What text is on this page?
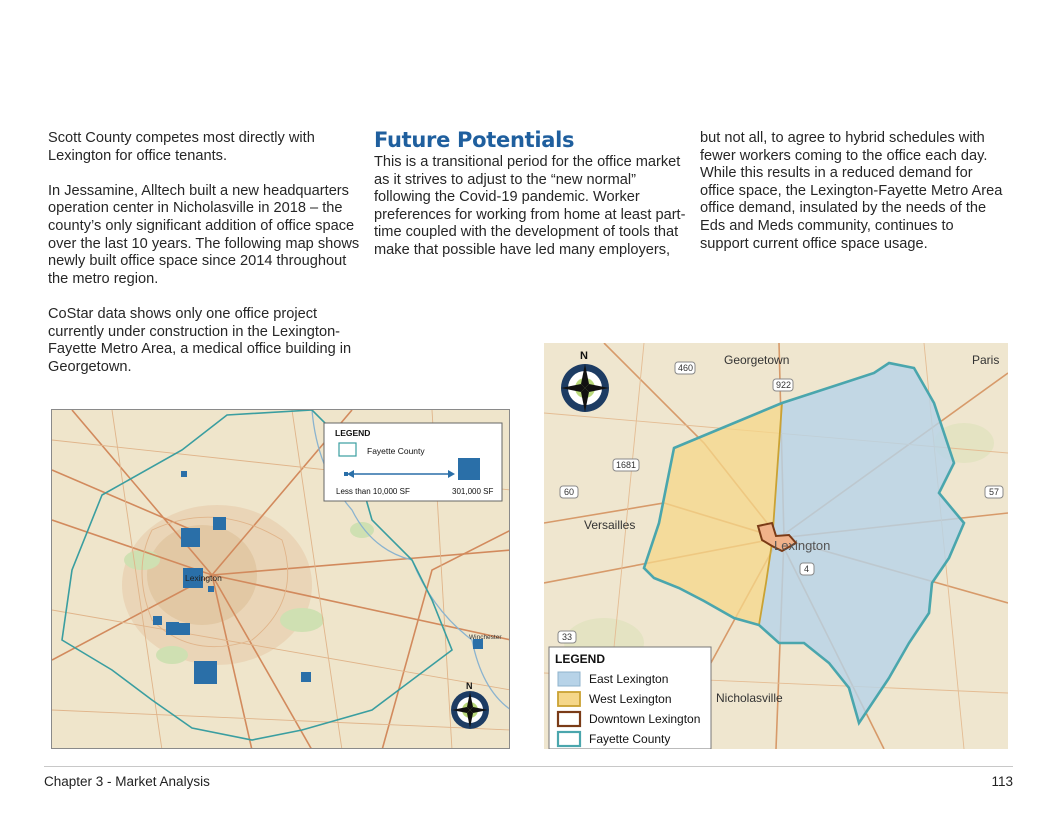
Scott County competes most directly with Lexington for office tenants.

In Jessamine, Alltech built a new headquarters operation center in Nicholasville in 2018 – the county’s only significant addition of office space over the last 10 years. The following map shows newly built office space since 2014 throughout the metro region.

CoStar data shows only one office project currently under construction in the Lexington-Fayette Metro Area, a medical office building in Georgetown.

Future Potentials

This is a transitional period for the office market as it strives to adjust to the “new normal” following the Covid-19 pandemic. Worker preferences for working from home at least part-time coupled with the development of tools that make that possible have led many employers,

but not all, to agree to hybrid schedules with fewer workers coming to the office each day. While this results in a reduced demand for office space, the Lexington-Fayette Metro Area office demand, insulated by the needs of the Eds and Meds community, continues to support current office space usage.

Lexington
Winchester
LEGEND
Fayette County
Less than 10,000 SF	301,000 SF
N
Georgetown	Paris
Versailles
Lexington
Nicholasville
460
922
1681
60	57
4
33
N
LEGEND
East Lexington
West Lexington
Downtown Lexington
Fayette County
Chapter 3 - Market Analysis	113
